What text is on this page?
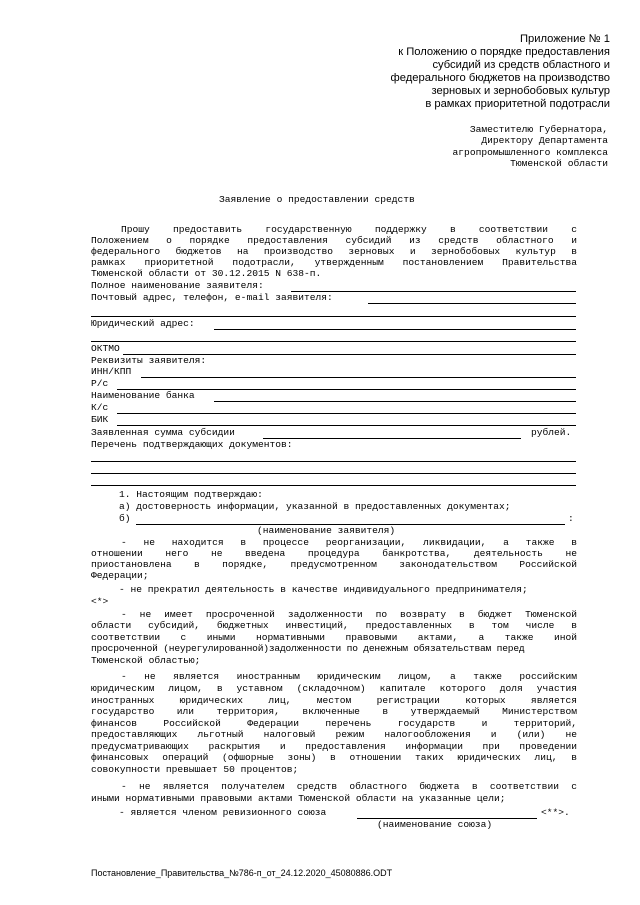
Приложение № 1
к Положению о порядке предоставления
субсидий из средств областного и
федерального бюджетов на производство
зерновых и зернобобовых культур
в рамках приоритетной подотрасли
Заместителю Губернатора,
Директору Департамента
агропромышленного комплекса
Тюменской области
Заявление о предоставлении средств
Прошу предоставить государственную поддержку в соответствии с
Положением о порядке предоставления субсидий из средств областного и
федерального бюджетов на производство зерновых и зернобобовых культур в
рамках приоритетной подотрасли, утвержденным постановлением Правительства
Тюменской области от 30.12.2015 N 638-п.
Полное наименование заявителя:
Почтовый адрес, телефон, e-mail заявителя:
Юридический адрес:
ОКТМО
Реквизиты заявителя:
ИНН/КПП
Р/с
Наименование банка
К/с
БИК
Заявленная сумма субсидии	рублей.
Перечень подтверждающих документов:
1. Настоящим подтверждаю:
а) достоверность информации, указанной в предоставленных документах;
б)	:
(наименование заявителя)
- не находится в процессе реорганизации, ликвидации, а также в
отношении него не введена процедура банкротства, деятельность не
приостановлена в порядке, предусмотренном законодательством Российской
Федерации;
- не прекратил деятельность в качестве индивидуального предпринимателя;
<*>
- не имеет просроченной задолженности по возврату в бюджет Тюменской
области субсидий, бюджетных инвестиций, предоставленных в том числе в
соответствии с иными нормативными правовыми актами, а также иной
просроченной (неурегулированной)задолженности по денежным обязательствам перед
Тюменской областью;
- не является иностранным юридическим лицом, а также российским
юридическим лицом, в уставном (складочном) капитале которого доля участия
иностранных юридических лиц, местом регистрации которых является
государство или территория, включенные в утверждаемый Министерством
финансов Российской Федерации перечень государств и территорий,
предоставляющих льготный налоговый режим налогообложения и (или) не
предусматривающих раскрытия и предоставления информации при проведении
финансовых операций (офшорные зоны) в отношении таких юридических лиц, в
совокупности превышает 50 процентов;
- не является получателем средств областного бюджета в соответствии с
иными нормативными правовыми актами Тюменской области на указанные цели;
- является членом ревизионного союза	<**>.
(наименование союза)
Постановление_Правительства_№786-п_от_24.12.2020_45080886.ODT
